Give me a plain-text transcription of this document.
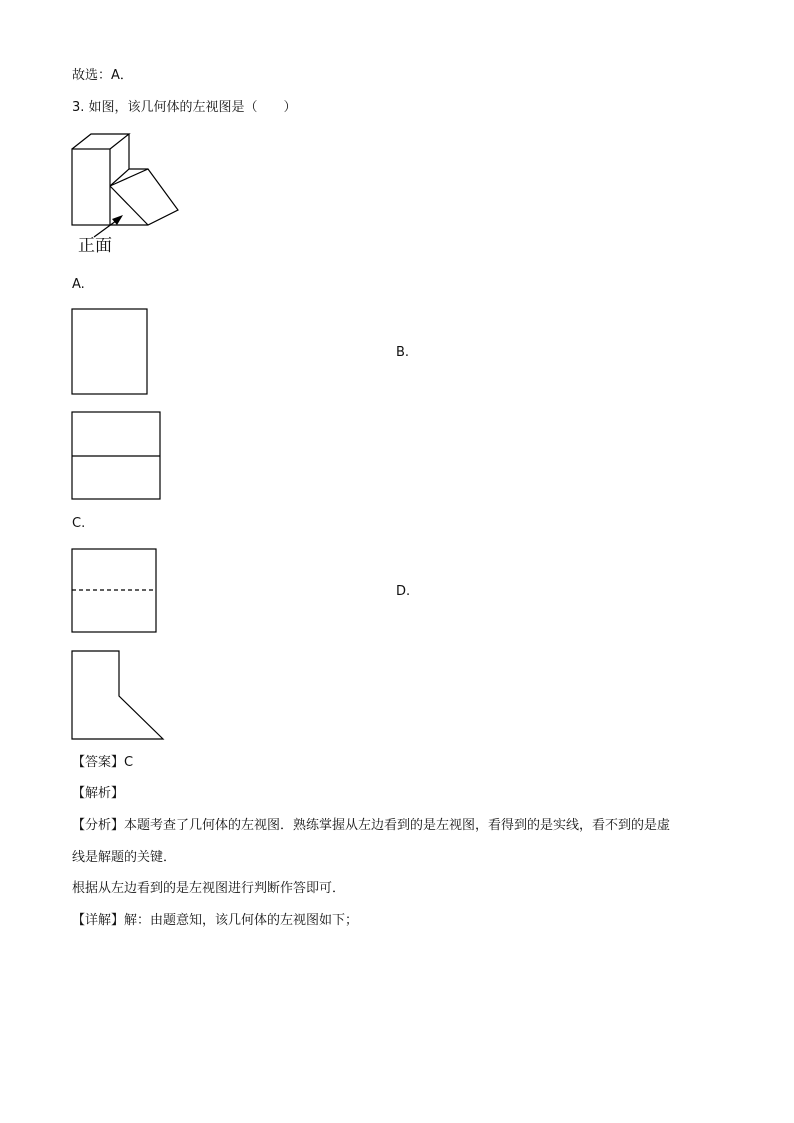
故选：A．
3. 如图，该几何体的左视图是（　　）
正面
A.
B.
C.
D.
【答案】C
【解析】
【分析】本题考查了几何体的左视图．熟练掌握从左边看到的是左视图，看得到的是实线，看不到的是虚
线是解题的关键．
根据从左边看到的是左视图进行判断作答即可．
【详解】解：由题意知，该几何体的左视图如下；
